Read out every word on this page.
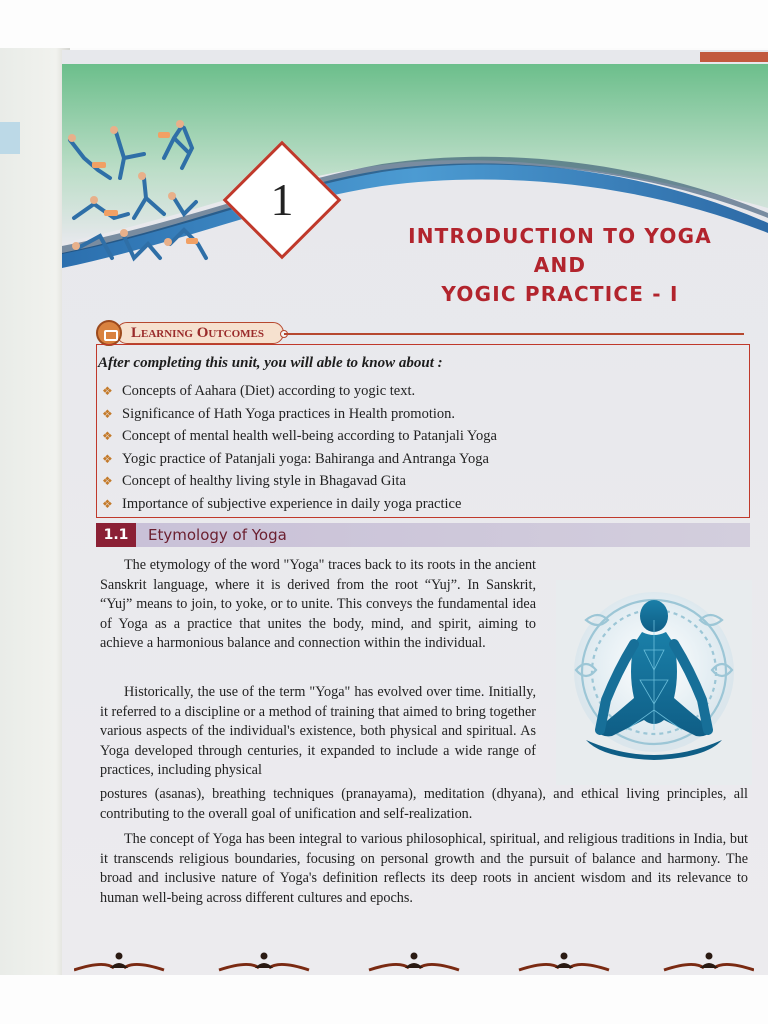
1
INTRODUCTION TO YOGA AND
YOGIC PRACTICE - I
Learning Outcomes
After completing this unit, you will able to know about :
❖ Concepts of Aahara (Diet) according to yogic text.
❖ Significance of Hath Yoga practices in Health promotion.
❖ Concept of mental health well-being according to Patanjali Yoga
❖ Yogic practice of Patanjali yoga: Bahiranga and Antranga Yoga
❖ Concept of healthy living style in Bhagavad Gita
❖ Importance of subjective experience in daily yoga practice
1.1	Etymology of Yoga
The etymology of the word "Yoga" traces back to its roots in the ancient Sanskrit language, where it is derived from the root “Yuj”. In Sanskrit, “Yuj” means to join, to yoke, or to unite. This conveys the fundamental idea of Yoga as a practice that unites the body, mind, and spirit, aiming to achieve a harmonious balance and connection within the individual.
Historically, the use of the term "Yoga" has evolved over time. Initially, it referred to a discipline or a method of training that aimed to bring together various aspects of the individual's existence, both physical and spiritual. As Yoga developed through centuries, it expanded to include a wide range of practices, including physical
postures (asanas), breathing techniques (pranayama), meditation (dhyana), and ethical living principles, all contributing to the overall goal of unification and self-realization.
The concept of Yoga has been integral to various philosophical, spiritual, and religious traditions in India, but it transcends religious boundaries, focusing on personal growth and the pursuit of balance and harmony. The broad and inclusive nature of Yoga's definition reflects its deep roots in ancient wisdom and its relevance to human well-being across different cultures and epochs.
